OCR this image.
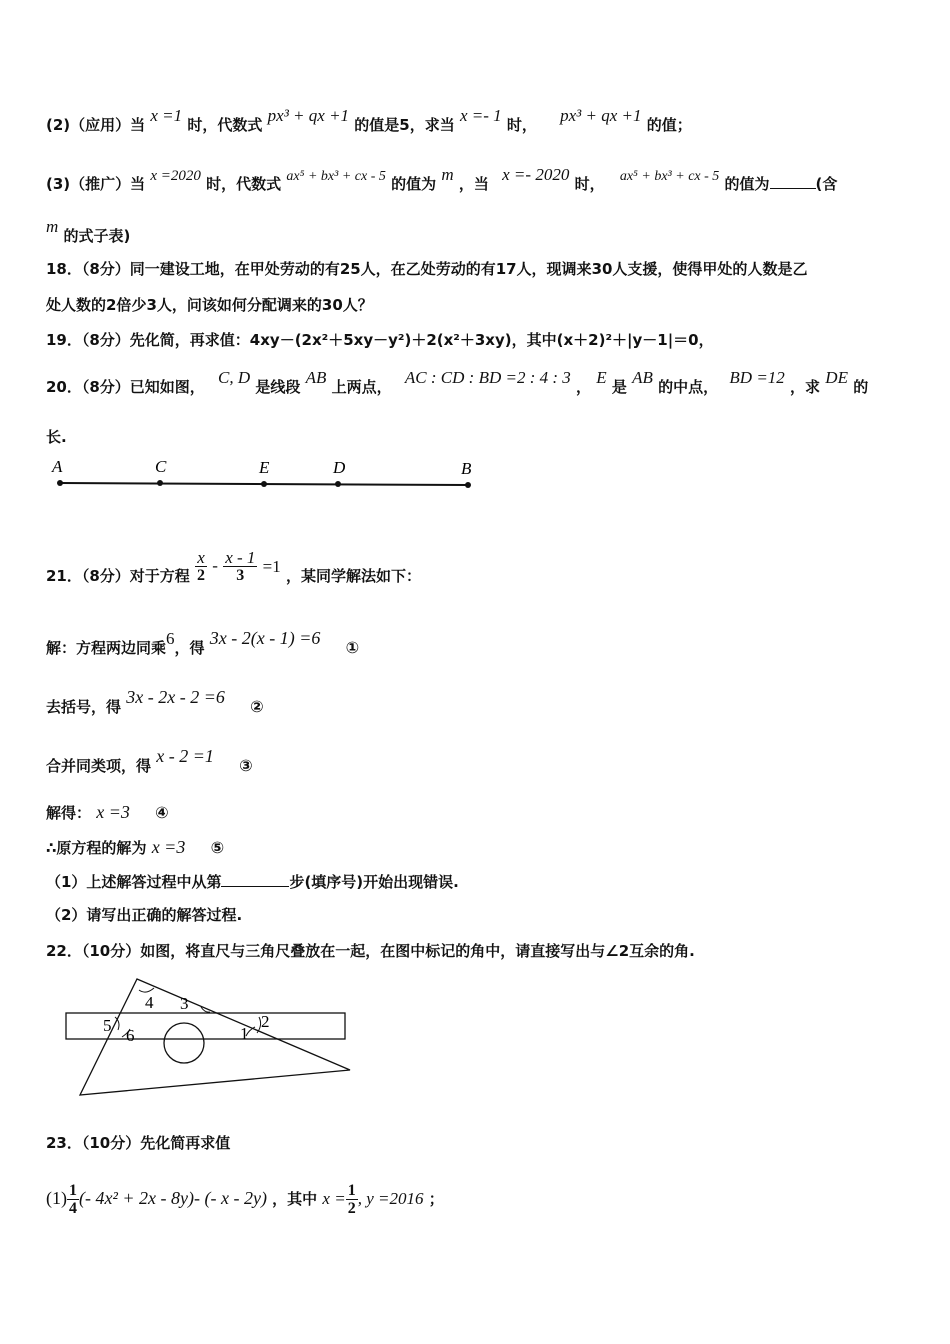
(2)（应用）当 x =1 时，代数式 px³ + qx +1 的值是5，求当 x =- 1 时， px³ + qx +1 的值；
(3)（推广）当 x =2020 时，代数式 ax⁵ + bx³ + cx - 5 的值为 m ，当 x =- 2020 时， ax⁵ + bx³ + cx - 5 的值为	(含
m 的式子表)
18．（8分）同一建设工地，在甲处劳动的有25人，在乙处劳动的有17人，现调来30人支援，使得甲处的人数是乙
处人数的2倍少3人，问该如何分配调来的30人？
19．（8分）先化简，再求值：4xy－(2x²＋5xy－y²)＋2(x²＋3xy)，其中(x＋2)²＋|y－1|＝0，
20．（8分）已知如图， C, D 是线段 AB 上两点， AC : CD : BD =2 : 4 : 3 ， E 是 AB 的中点， BD =12 ，求 DE 的
长.
A	C	E	D	B
21．（8分）对于方程 $\frac{x}{2} - \frac{x - 1}{3} =1$ ，某同学解法如下：
解：方程两边同乘6，得 3x - 2(x - 1) =6 ①
去括号，得 3x - 2x - 2 =6 ②
合并同类项，得 x - 2 =1 ③
解得： x =3 ④
∴原方程的解为 x =3 ⑤
（1）上述解答过程中从第	步(填序号)开始出现错误.
（2）请写出正确的解答过程.
22．（10分）如图，将直尺与三角尺叠放在一起，在图中标记的角中，请直接写出与∠2互余的角.
4 3
5
6	1
2
23．（10分）先化简再求值
$(1) \frac{1}{4}$ (- 4x² + 2x - 8y)- (- x - 2y) ，其中 $x = \frac{1}{2}$ , y =2016 ；
